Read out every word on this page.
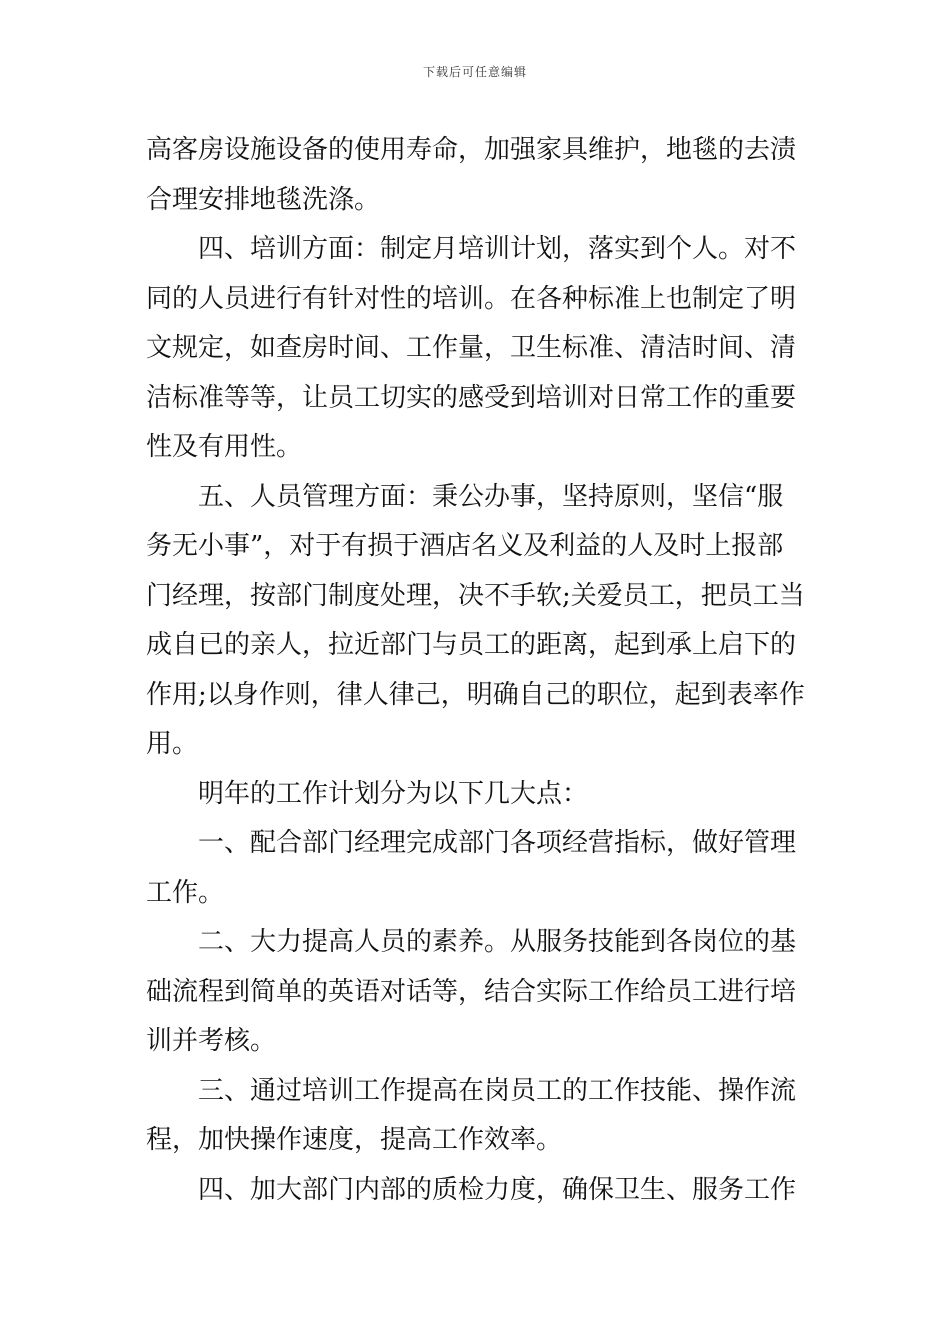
下载后可任意编辑
高客房设施设备的使用寿命，加强家具维护，地毯的去渍
合理安排地毯洗涤。
四、培训方面：制定月培训计划，落实到个人。对不
同的人员进行有针对性的培训。在各种标准上也制定了明
文规定，如查房时间、工作量，卫生标准、清洁时间、清
洁标准等等，让员工切实的感受到培训对日常工作的重要
性及有用性。
五、人员管理方面：秉公办事，坚持原则，坚信“服
务无小事”，对于有损于酒店名义及利益的人及时上报部
门经理，按部门制度处理，决不手软;关爱员工，把员工当
成自已的亲人，拉近部门与员工的距离，起到承上启下的
作用;以身作则，律人律己，明确自己的职位，起到表率作
用。
明年的工作计划分为以下几大点：
一、配合部门经理完成部门各项经营指标，做好管理
工作。
二、大力提高人员的素养。从服务技能到各岗位的基
础流程到简单的英语对话等，结合实际工作给员工进行培
训并考核。
三、通过培训工作提高在岗员工的工作技能、操作流
程，加快操作速度，提高工作效率。
四、加大部门内部的质检力度，确保卫生、服务工作
